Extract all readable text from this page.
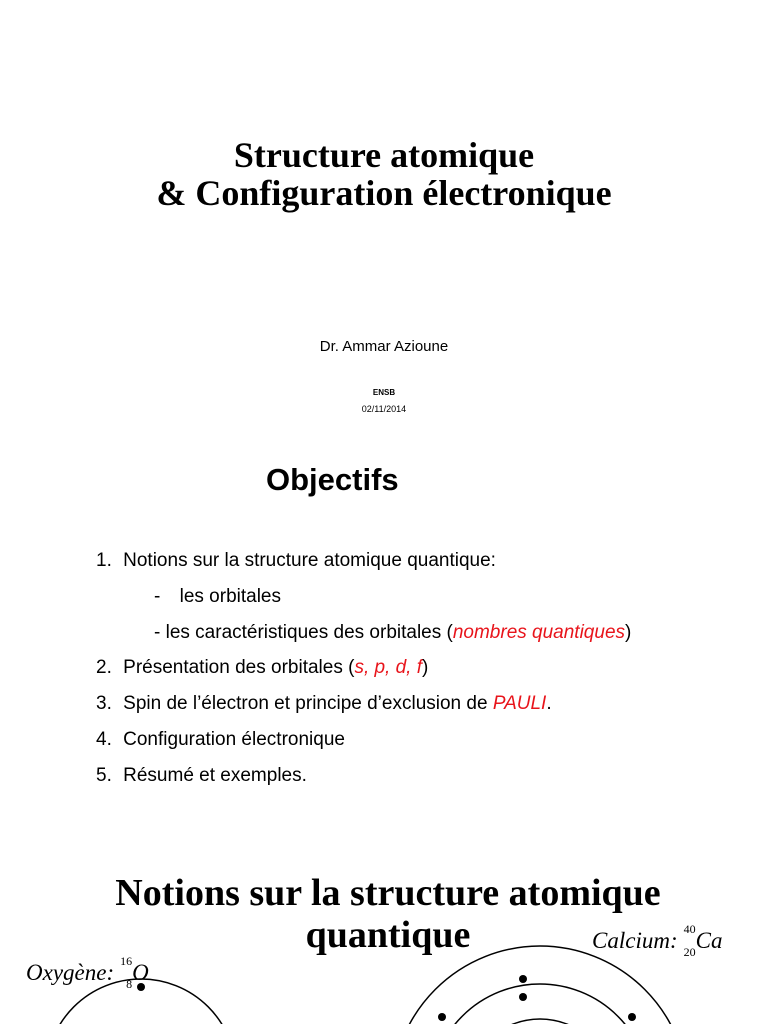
Structure atomique
& Configuration électronique
Dr. Ammar Azioune
ENSB
02/11/2014
Objectifs
1. Notions sur la structure atomique quantique:
- les orbitales
- les caractéristiques des orbitales (nombres quantiques)
2. Présentation des orbitales (s, p, d, f)
3. Spin de l’électron et principe d’exclusion de PAULI.
4. Configuration électronique
5. Résumé et exemples.
Notions sur la structure atomique
quantique
Oxygène: 16
8 O
Calcium: 40
20 Ca
